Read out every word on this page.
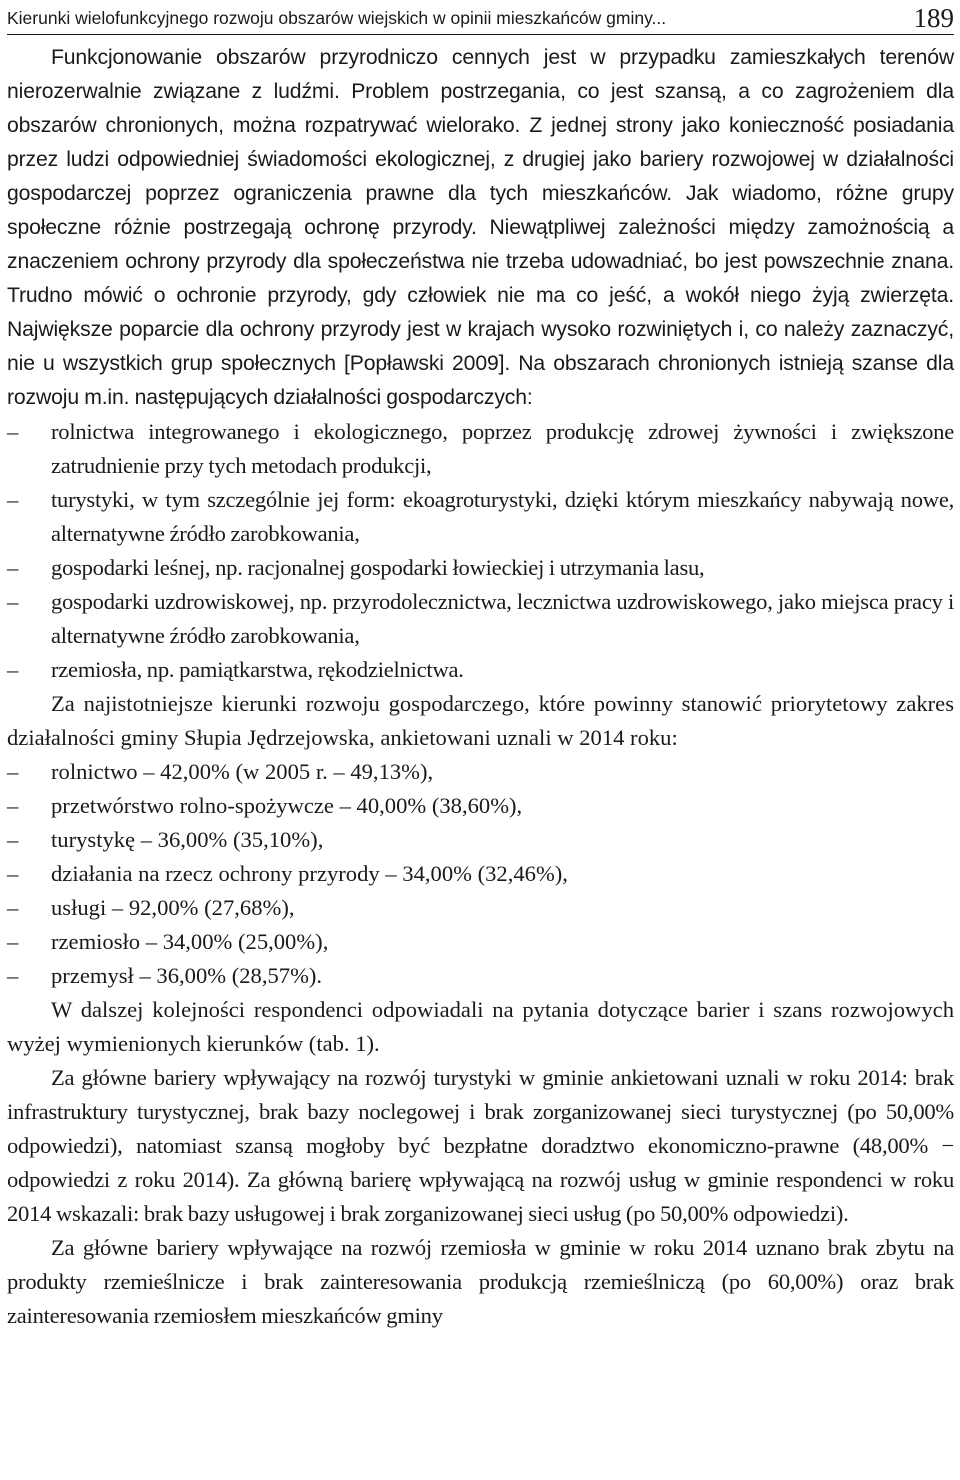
Kierunki wielofunkcyjnego rozwoju obszarów wiejskich w opinii mieszkańców gminy...	189

Funkcjonowanie obszarów przyrodniczo cennych jest w przypadku zamieszkałych terenów nierozerwalnie związane z ludźmi. Problem postrzegania, co jest szansą, a co zagrożeniem dla obszarów chronionych, można rozpatrywać wielorako. Z jednej strony jako konieczność posiadania przez ludzi odpowiedniej świadomości ekologicznej, z drugiej jako bariery rozwojowej w działalności gospodarczej poprzez ograniczenia prawne dla tych mieszkańców. Jak wiadomo, różne grupy społeczne różnie postrzegają ochronę przyrody. Niewątpliwej zależności między zamożnością a znaczeniem ochrony przyrody dla społeczeństwa nie trzeba udowadniać, bo jest powszechnie znana. Trudno mówić o ochronie przyrody, gdy człowiek nie ma co jeść, a wokół niego żyją zwierzęta. Największe poparcie dla ochrony przyrody jest w krajach wysoko rozwiniętych i, co należy zaznaczyć, nie u wszystkich grup społecznych [Popławski 2009]. Na obszarach chronionych istnieją szanse dla rozwoju m.in. następujących działalności gospodarczych:

– rolnictwa integrowanego i ekologicznego, poprzez produkcję zdrowej żywności i zwiększone zatrudnienie przy tych metodach produkcji,
– turystyki, w tym szczególnie jej form: ekoagroturystyki, dzięki którym mieszkańcy nabywają nowe, alternatywne źródło zarobkowania,
– gospodarki leśnej, np. racjonalnej gospodarki łowieckiej i utrzymania lasu,
– gospodarki uzdrowiskowej, np. przyrodolecznictwa, lecznictwa uzdrowiskowego, jako miejsca pracy i alternatywne źródło zarobkowania,
– rzemiosła, np. pamiątkarstwa, rękodzielnictwa.

Za najistotniejsze kierunki rozwoju gospodarczego, które powinny stanowić priorytetowy zakres działalności gminy Słupia Jędrzejowska, ankietowani uznali w 2014 roku:

– rolnictwo – 42,00% (w 2005 r. – 49,13%),
– przetwórstwo rolno-spożywcze – 40,00% (38,60%),
– turystykę – 36,00% (35,10%),
– działania na rzecz ochrony przyrody – 34,00% (32,46%),
– usługi – 92,00% (27,68%),
– rzemiosło – 34,00% (25,00%),
– przemysł – 36,00% (28,57%).

W dalszej kolejności respondenci odpowiadali na pytania dotyczące barier i szans rozwojowych wyżej wymienionych kierunków (tab. 1).

Za główne bariery wpływający na rozwój turystyki w gminie ankietowani uznali w roku 2014: brak infrastruktury turystycznej, brak bazy noclegowej i brak zorganizowanej sieci turystycznej (po 50,00% odpowiedzi), natomiast szansą mogłoby być bezpłatne doradztwo ekonomiczno-prawne (48,00% − odpowiedzi z roku 2014). Za główną barierę wpływającą na rozwój usług w gminie respondenci w roku 2014 wskazali: brak bazy usługowej i brak zorganizowanej sieci usług (po 50,00% odpowiedzi).

Za główne bariery wpływające na rozwój rzemiosła w gminie w roku 2014 uznano brak zbytu na produkty rzemieślnicze i brak zainteresowania produkcją rzemieślniczą (po 60,00%) oraz brak zainteresowania rzemiosłem mieszkańców gminy
